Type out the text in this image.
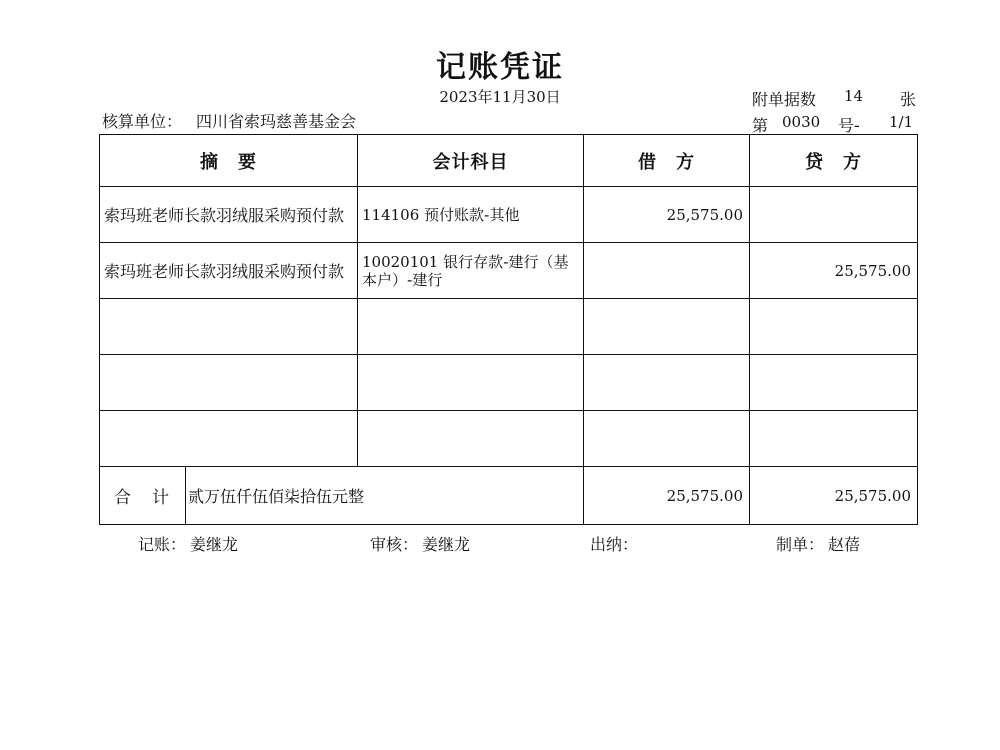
记账凭证
2023年11月30日
核算单位： 四川省索玛慈善基金会
附单据数 14 张
第 0030 号- 1/1
摘　要		会计科目	借　方	贷　方
索玛班老师长款羽绒服采购预付款		114106 预付账款-其他	25,575.00	
索玛班老师长款羽绒服采购预付款		10020101 银行存款-建行（基本户）-建行		25,575.00

合　计	贰万伍仟伍佰柒拾伍元整		25,575.00	25,575.00
记账： 姜继龙	审核： 姜继龙	出纳：	制单： 赵蓓
